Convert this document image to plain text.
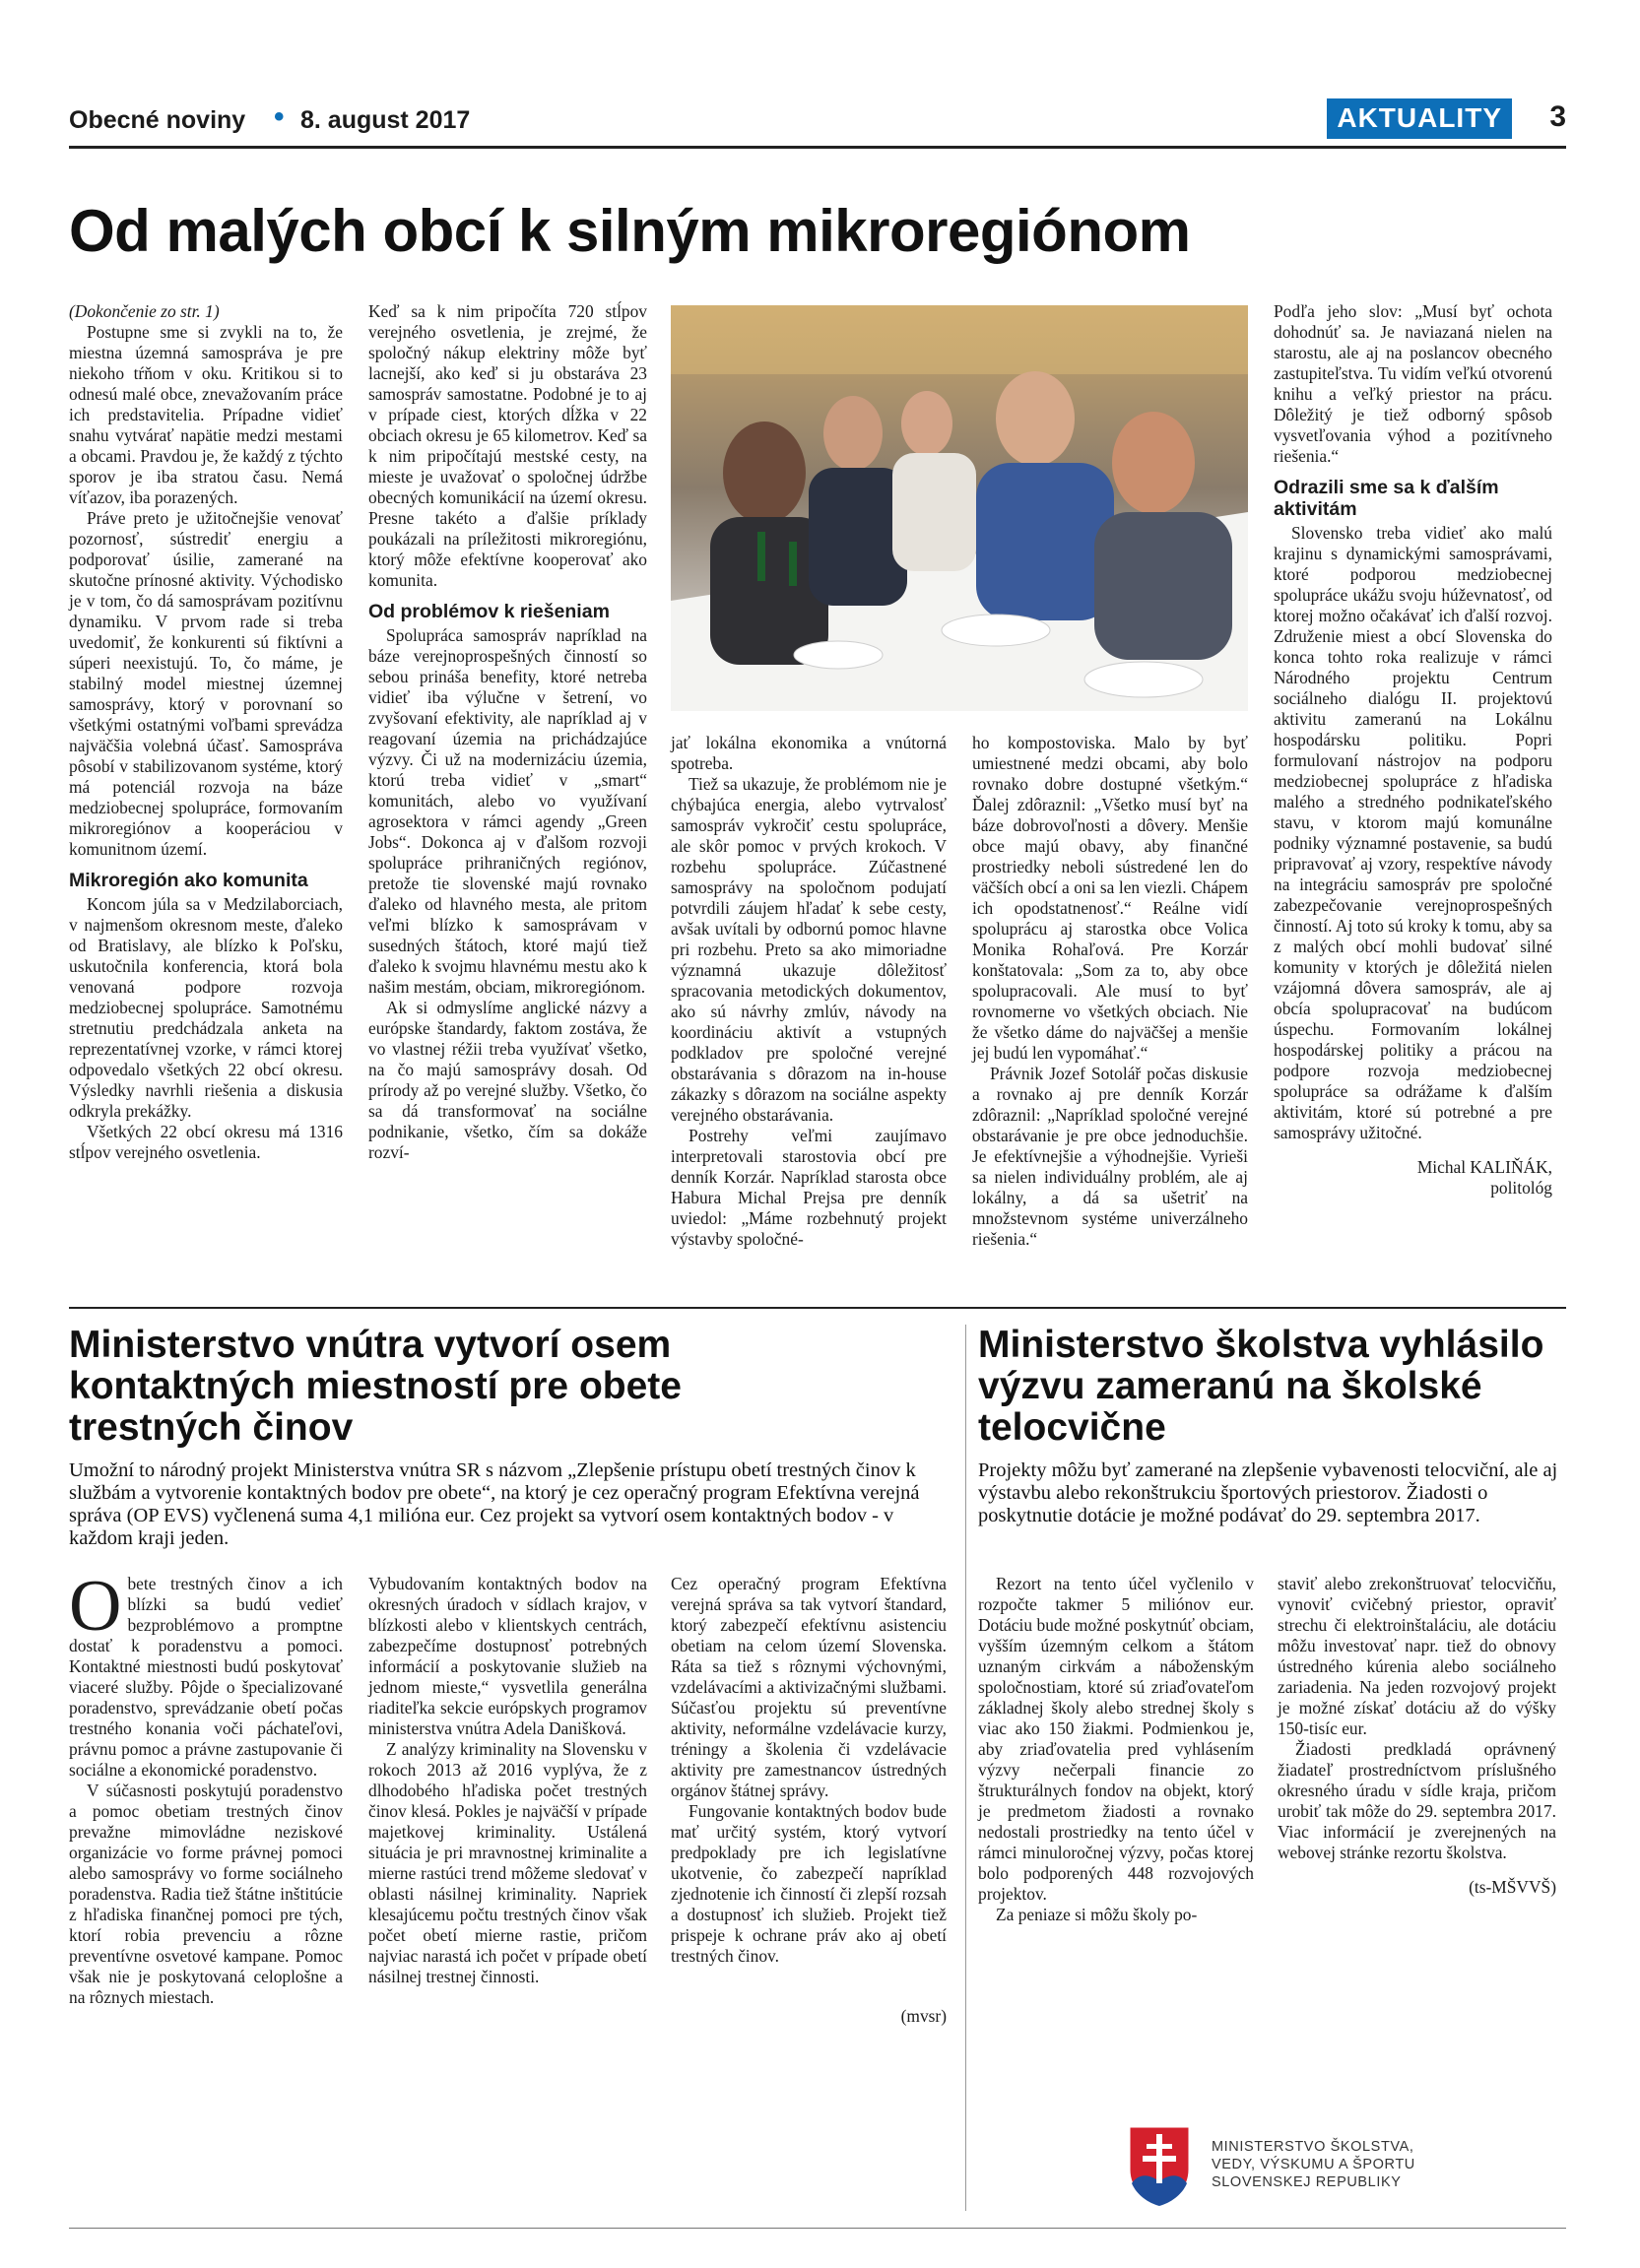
Obecné noviny • 8. august 2017	AKTUALITY	3
Od malých obcí k silným mikroregiónom

(Dokončenie zo str. 1)

Postupne sme si zvykli na to, že miestna územná samospráva je pre niekoho tŕňom v oku. Kritikou si to odnesú malé obce, znevažovaním práce ich predstavitelia. Prípadne vidieť snahu vytvárať napätie medzi mestami a obcami. Pravdou je, že každý z týchto sporov je iba stratou času. Nemá víťazov, iba porazených.

Práve preto je užitočnejšie venovať pozornosť, sústrediť energiu a podporovať úsilie, zamerané na skutočne prínosné aktivity. Východisko je v tom, čo dá samosprávam pozitívnu dynamiku. V prvom rade si treba uvedomiť, že konkurenti sú fiktívni a súperi neexistujú. To, čo máme, je stabilný model miestnej územnej samosprávy, ktorý v porovnaní so všetkými ostatnými voľbami sprevádza najväčšia volebná účasť. Samospráva pôsobí v stabilizovanom systéme, ktorý má potenciál rozvoja na báze medziobecnej spolupráce, formovaním mikroregiónov a kooperáciou v komunitnom území.

Mikroregión ako komunita

Koncom júla sa v Medzilaborciach, v najmenšom okresnom meste, ďaleko od Bratislavy, ale blízko k Poľsku, uskutočnila konferencia, ktorá bola venovaná podpore rozvoja medziobecnej spolupráce. Samotnému stretnutiu predchádzala anketa na reprezentatívnej vzorke, v rámci ktorej odpovedalo všetkých 22 obcí okresu. Výsledky navrhli riešenia a diskusia odkryla prekážky.

Všetkých 22 obcí okresu má 1316 stĺpov verejného osvetlenia.

Keď sa k nim pripočíta 720 stĺpov verejného osvetlenia, je zrejmé, že spoločný nákup elektriny môže byť lacnejší, ako keď si ju obstaráva 23 samospráv samostatne. Podobné je to aj v prípade ciest, ktorých dĺžka v 22 obciach okresu je 65 kilometrov. Keď sa k nim pripočítajú mestské cesty, na mieste je uvažovať o spoločnej údržbe obecných komunikácií na území okresu. Presne takéto a ďalšie príklady poukázali na príležitosti mikroregiónu, ktorý môže efektívne kooperovať ako komunita.

Od problémov k riešeniam

Spolupráca samospráv napríklad na báze verejnoprospešných činností so sebou prináša benefity, ktoré netreba vidieť iba výlučne v šetrení, vo zvyšovaní efektivity, ale napríklad aj v reagovaní územia na prichádzajúce výzvy. Či už na modernizáciu územia, ktorú treba vidieť v „smart“ komunitách, alebo vo využívaní agrosektora v rámci agendy „Green Jobs“. Dokonca aj v ďalšom rozvoji spolupráce prihraničných regiónov, pretože tie slovenské majú rovnako ďaleko od hlavného mesta, ale pritom veľmi blízko k samosprávam v susedných štátoch, ktoré majú tiež ďaleko k svojmu hlavnému mestu ako k našim mestám, obciam, mikroregiónom.

Ak si odmyslíme anglické názvy a európske štandardy, faktom zostáva, že vo vlastnej réžii treba využívať všetko, na čo majú samosprávy dosah. Od prírody až po verejné služby. Všetko, čo sa dá transformovať na sociálne podnikanie, všetko, čím sa dokáže rozví-

jať lokálna ekonomika a vnútorná spotreba.

Tiež sa ukazuje, že problémom nie je chýbajúca energia, alebo vytrvalosť samospráv vykročiť cestu spolupráce, ale skôr pomoc v prvých krokoch. V rozbehu spolupráce. Zúčastnené samosprávy na spoločnom podujatí potvrdili záujem hľadať k sebe cesty, avšak uvítali by odbornú pomoc hlavne pri rozbehu. Preto sa ako mimoriadne významná ukazuje dôležitosť spracovania metodických dokumentov, ako sú návrhy zmlúv, návody na koordináciu aktivít a vstupných podkladov pre spoločné verejné obstarávania s dôrazom na in-house zákazky s dôrazom na sociálne aspekty verejného obstarávania.

Postrehy veľmi zaujímavo interpretovali starostovia obcí pre denník Korzár. Napríklad starosta obce Habura Michal Prejsa pre denník uviedol: „Máme rozbehnutý projekt výstavby spoločné-

ho kompostoviska. Malo by byť umiestnené medzi obcami, aby bolo rovnako dobre dostupné všetkým.“ Ďalej zdôraznil: „Všetko musí byť na báze dobrovoľnosti a dôvery. Menšie obce majú obavy, aby finančné prostriedky neboli sústredené len do väčších obcí a oni sa len viezli. Chápem ich opodstatnenosť.“ Reálne vidí spoluprácu aj starostka obce Volica Monika Rohaľová. Pre Korzár konštatovala: „Som za to, aby obce spolupracovali. Ale musí to byť rovnomerne vo všetkých obciach. Nie že všetko dáme do najväčšej a menšie jej budú len vypomáhať.“

Právnik Jozef Sotolář počas diskusie a rovnako aj pre denník Korzár zdôraznil: „Napríklad spoločné verejné obstarávanie je pre obce jednoduchšie. Je efektívnejšie a výhodnejšie. Vyrieši sa nielen individuálny problém, ale aj lokálny, a dá sa ušetriť na množstevnom systéme univerzálneho riešenia.“

Podľa jeho slov: „Musí byť ochota dohodnúť sa. Je naviazaná nielen na starostu, ale aj na poslancov obecného zastupiteľstva. Tu vidím veľkú otvorenú knihu a veľký priestor na prácu. Dôležitý je tiež odborný spôsob vysvetľovania výhod a pozitívneho riešenia.“

Odrazili sme sa k ďalším aktivitám

Slovensko treba vidieť ako malú krajinu s dynamickými samosprávami, ktoré podporou medziobecnej spolupráce ukážu svoju húževnatosť, od ktorej možno očakávať ich ďalší rozvoj. Združenie miest a obcí Slovenska do konca tohto roka realizuje v rámci Národného projektu Centrum sociálneho dialógu II. projektovú aktivitu zameranú na Lokálnu hospodársku politiku. Popri formulovaní nástrojov na podporu medziobecnej spolupráce z hľadiska malého a stredného podnikateľského stavu, v ktorom majú komunálne podniky významné postavenie, sa budú pripravovať aj vzory, respektíve návody na integráciu samospráv pre spoločné zabezpečovanie verejnoprospešných činností. Aj toto sú kroky k tomu, aby sa z malých obcí mohli budovať silné komunity v ktorých je dôležitá nielen vzájomná dôvera samospráv, ale aj obcía spolupracovať na budúcom úspechu. Formovaním lokálnej hospodárskej politiky a prácou na podpore rozvoja medziobecnej spolupráce sa odrážame k ďalším aktivitám, ktoré sú potrebné a pre samosprávy užitočné.

Michal KALIŇÁK,

politológ

Ministerstvo vnútra vytvorí osem kontaktných miestností pre obete trestných činov
Umožní to národný projekt Ministerstva vnútra SR s názvom „Zlepšenie prístupu obetí trestných činov k službám a vytvorenie kontaktných bodov pre obete“, na ktorý je cez operačný program Efektívna verejná správa (OP EVS) vyčlenená suma 4,1 milióna eur. Cez projekt sa vytvorí osem kontaktných bodov - v každom kraji jeden.

Obete trestných činov a ich blízki sa budú vedieť bezproblémovo a promptne dostať k poradenstvu a pomoci. Kontaktné miestnosti budú poskytovať viaceré služby. Pôjde o špecializované poradenstvo, sprevádzanie obetí počas trestného konania voči páchateľovi, právnu pomoc a právne zastupovanie či sociálne a ekonomické poradenstvo.

V súčasnosti poskytujú poradenstvo a pomoc obetiam trestných činov prevažne mimovládne neziskové organizácie vo forme právnej pomoci alebo samosprávy vo forme sociálneho poradenstva. Radia tiež štátne inštitúcie z hľadiska finančnej pomoci pre tých, ktorí robia prevenciu a rôzne preventívne osvetové kampane. Pomoc však nie je poskytovaná celoplošne a na rôznych miestach.

Vybudovaním kontaktných bodov na okresných úradoch v sídlach krajov, v blízkosti alebo v klientskych centrách, zabezpečíme dostupnosť potrebných informácií a poskytovanie služieb na jednom mieste,“ vysvetlila generálna riaditeľka sekcie európskych programov ministerstva vnútra Adela Danišková.

Z analýzy kriminality na Slovensku v rokoch 2013 až 2016 vyplýva, že z dlhodobého hľadiska počet trestných činov klesá. Pokles je najväčší v prípade majetkovej kriminality. Ustálená situácia je pri mravnostnej kriminalite a mierne rastúci trend môžeme sledovať v oblasti násilnej kriminality. Napriek klesajúcemu počtu trestných činov však počet obetí mierne rastie, pričom najviac narastá ich počet v prípade obetí násilnej trestnej činnosti.

Cez operačný program Efektívna verejná správa sa tak vytvorí štandard, ktorý zabezpečí efektívnu asistenciu obetiam na celom území Slovenska. Ráta sa tiež s rôznymi výchovnými, vzdelávacími a aktivizačnými službami. Súčasťou projektu sú preventívne aktivity, neformálne vzdelávacie kurzy, tréningy a školenia či vzdelávacie aktivity pre zamestnancov ústredných orgánov štátnej správy.

Fungovanie kontaktných bodov bude mať určitý systém, ktorý vytvorí predpoklady pre ich legislatívne ukotvenie, čo zabezpečí napríklad zjednotenie ich činností či zlepší rozsah a dostupnosť ich služieb. Projekt tiež prispeje k ochrane práv ako aj obetí trestných činov.

(mvsr)

Ministerstvo školstva vyhlásilo výzvu zameranú na školské telocvične
Projekty môžu byť zamerané na zlepšenie vybavenosti telocviční, ale aj výstavbu alebo rekonštrukciu športových priestorov. Žiadosti o poskytnutie dotácie je možné podávať do 29. septembra 2017.

Rezort na tento účel vyčlenilo v rozpočte takmer 5 miliónov eur. Dotáciu bude možné poskytnúť obciam, vyšším územným celkom a štátom uznaným cirkvám a náboženským spoločnostiam, ktoré sú zriaďovateľom základnej školy alebo strednej školy s viac ako 150 žiakmi. Podmienkou je, aby zriaďovatelia pred vyhlásením výzvy nečerpali financie zo štrukturálnych fondov na objekt, ktorý je predmetom žiadosti a rovnako nedostali prostriedky na tento účel v rámci minuloročnej výzvy, počas ktorej bolo podporených 448 rozvojových projektov.

Za peniaze si môžu školy po-

staviť alebo zrekonštruovať telocvičňu, vynoviť cvičebný priestor, opraviť strechu či elektroinštaláciu, ale dotáciu môžu investovať napr. tiež do obnovy ústredného kúrenia alebo sociálneho zariadenia. Na jeden rozvojový projekt je možné získať dotáciu až do výšky 150-tisíc eur.

Žiadosti predkladá oprávnený žiadateľ prostredníctvom príslušného okresného úradu v sídle kraja, pričom urobiť tak môže do 29. septembra 2017. Viac informácií je zverejnených na webovej stránke rezortu školstva.

(ts-MŠVVŠ)

MINISTERSTVO ŠKOLSTVA,
VEDY, VÝSKUMU A ŠPORTU
SLOVENSKEJ REPUBLIKY
